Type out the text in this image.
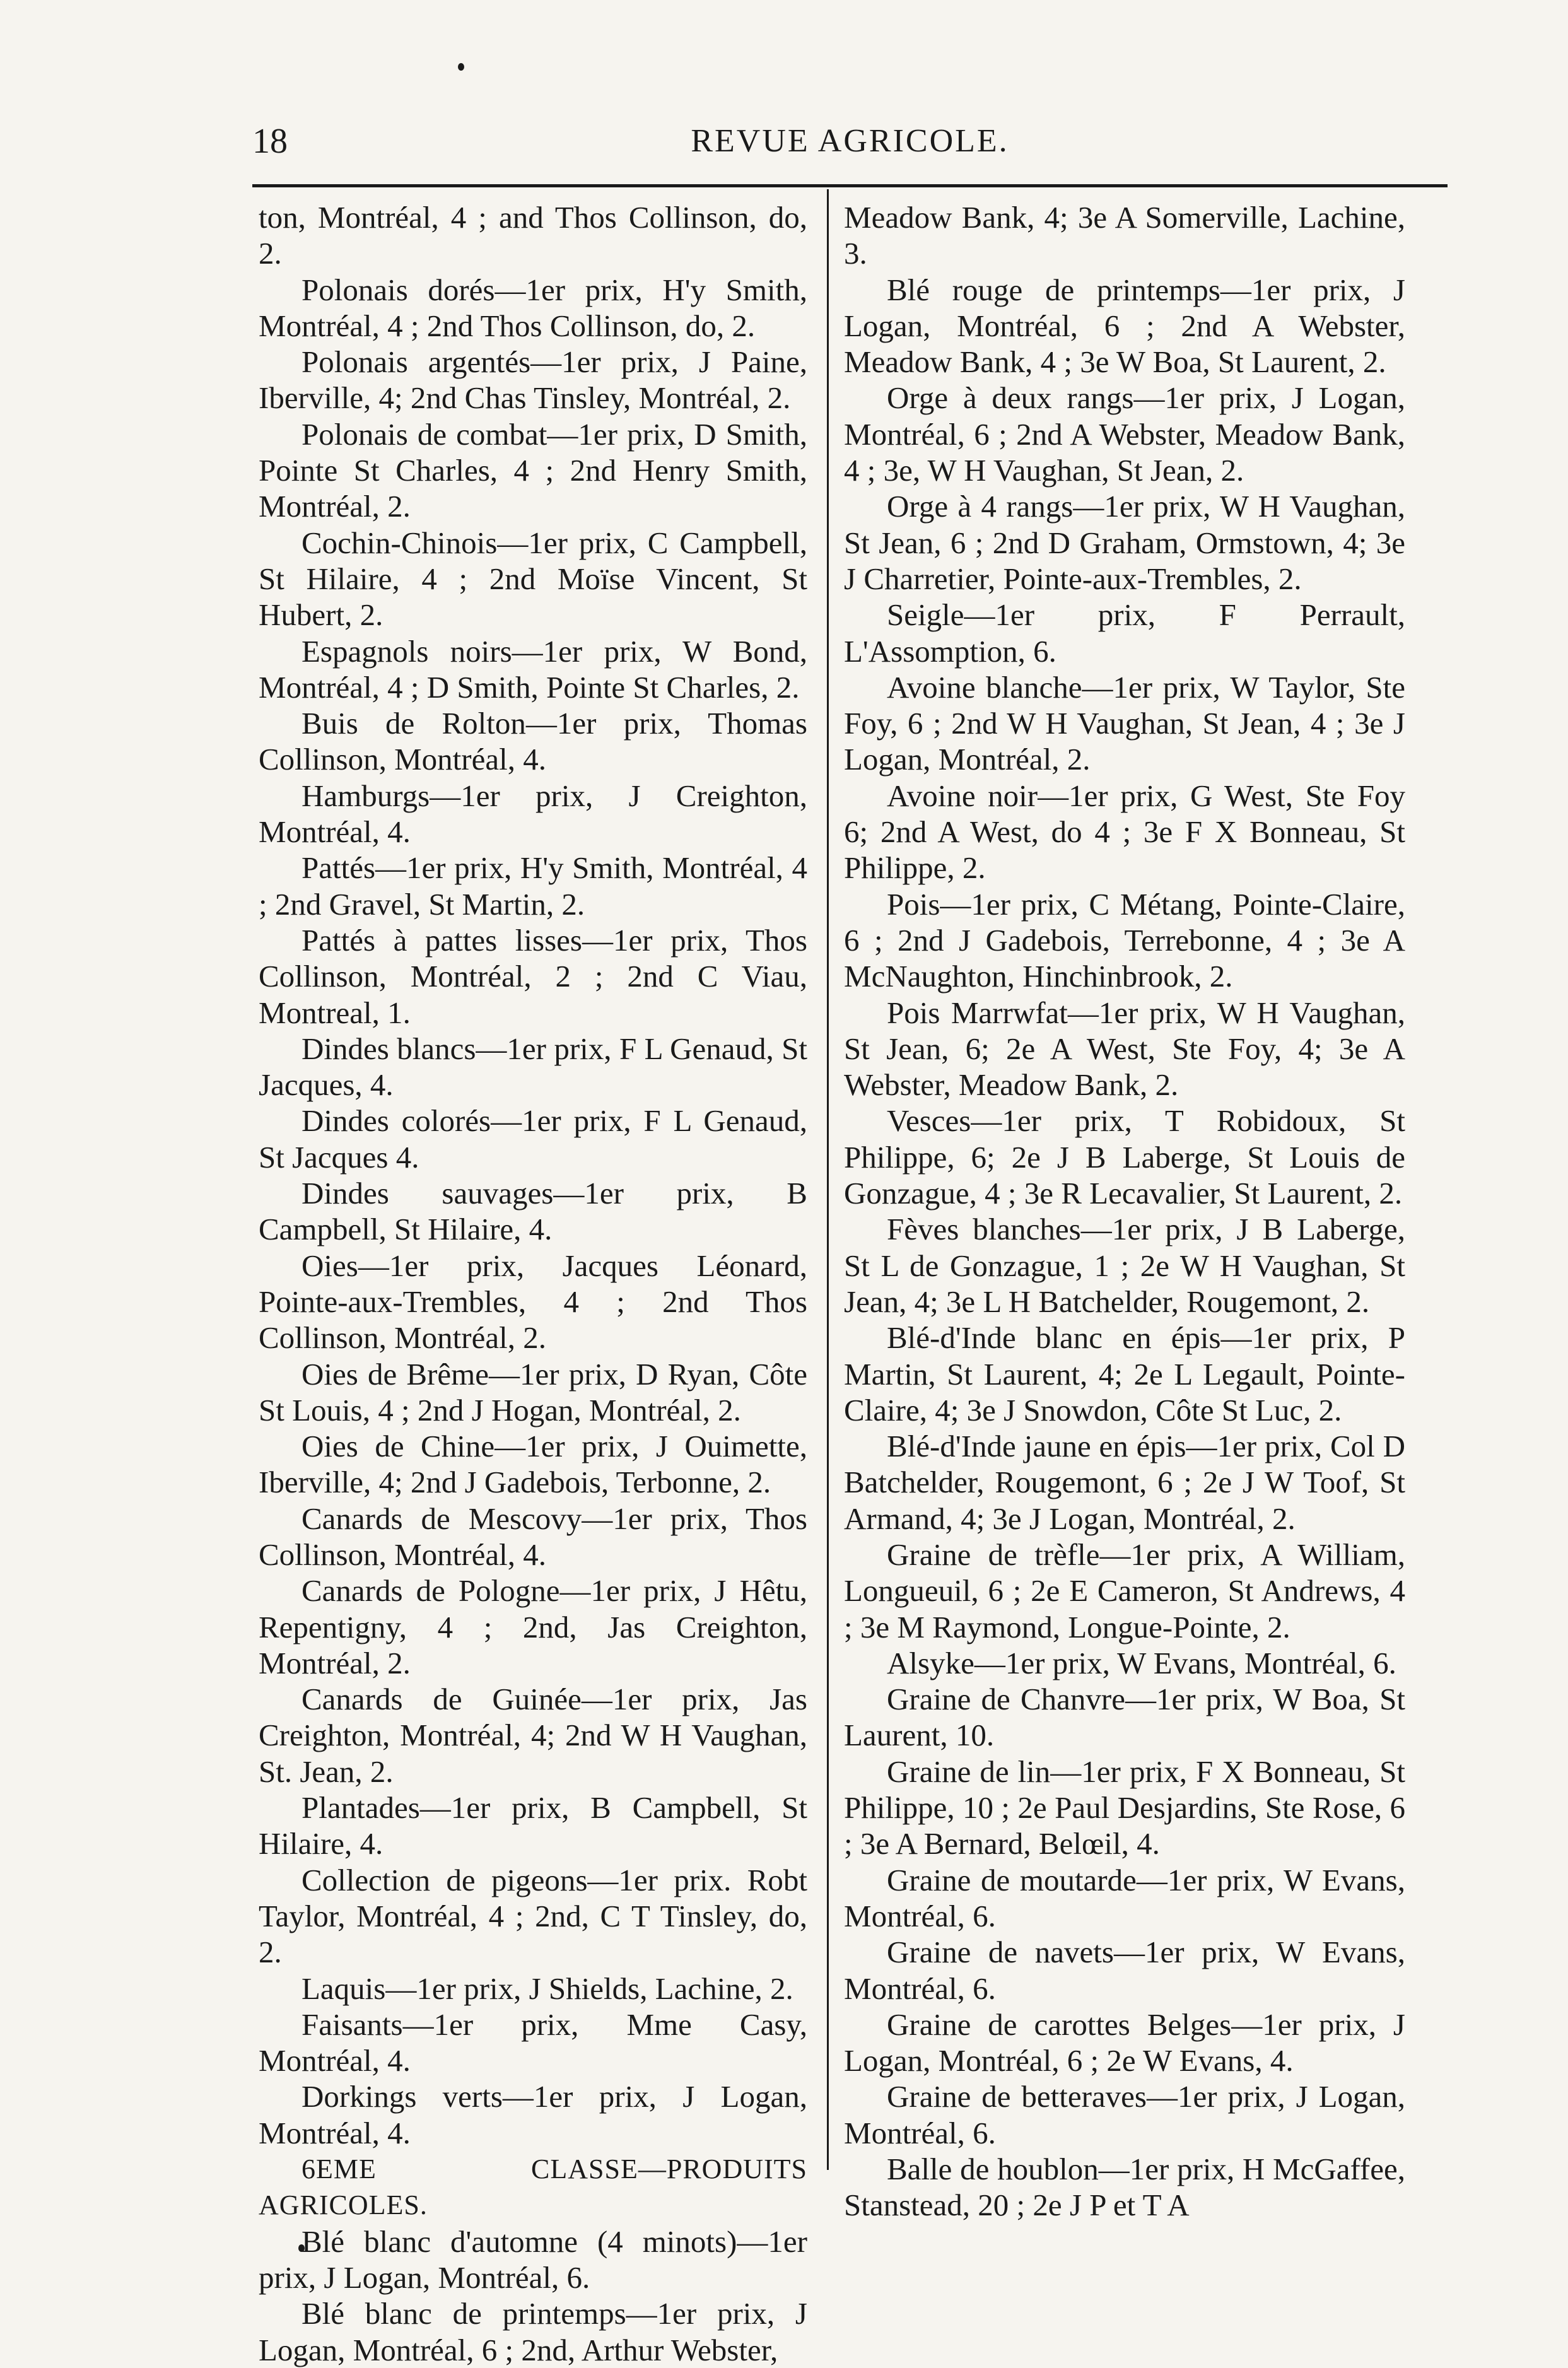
18	REVUE AGRICOLE.

ton, Montréal, 4 ; and Thos Collinson, do, 2.

Polonais dorés—1er prix, H'y Smith, Montréal, 4 ; 2nd Thos Collinson, do, 2.

Polonais argentés—1er prix, J Paine, Iberville, 4; 2nd Chas Tinsley, Montréal, 2.

Polonais de combat—1er prix, D Smith, Pointe St Charles, 4 ; 2nd Henry Smith, Montréal, 2.

Cochin-Chinois—1er prix, C Campbell, St Hilaire, 4 ; 2nd Moïse Vincent, St Hubert, 2.

Espagnols noirs—1er prix, W Bond, Montréal, 4 ; D Smith, Pointe St Charles, 2.

Buis de Rolton—1er prix, Thomas Collinson, Montréal, 4.

Hamburgs—1er prix, J Creighton, Montréal, 4.

Pattés—1er prix, H'y Smith, Montréal, 4 ; 2nd Gravel, St Martin, 2.

Pattés à pattes lisses—1er prix, Thos Collinson, Montréal, 2 ; 2nd C Viau, Montreal, 1.

Dindes blancs—1er prix, F L Genaud, St Jacques, 4.

Dindes colorés—1er prix, F L Genaud, St Jacques 4.

Dindes sauvages—1er prix, B Campbell, St Hilaire, 4.

Oies—1er prix, Jacques Léonard, Pointe-aux-Trembles, 4 ; 2nd Thos Collinson, Montréal, 2.

Oies de Brême—1er prix, D Ryan, Côte St Louis, 4 ; 2nd J Hogan, Montréal, 2.

Oies de Chine—1er prix, J Ouimette, Iberville, 4; 2nd J Gadebois, Terbonne, 2.

Canards de Mescovy—1er prix, Thos Collinson, Montréal, 4.

Canards de Pologne—1er prix, J Hêtu, Repentigny, 4 ; 2nd, Jas Creighton, Montréal, 2.

Canards de Guinée—1er prix, Jas Creighton, Montréal, 4; 2nd W H Vaughan, St. Jean, 2.

Plantades—1er prix, B Campbell, St Hilaire, 4.

Collection de pigeons—1er prix. Robt Taylor, Montréal, 4 ; 2nd, C T Tinsley, do, 2.

Laquis—1er prix, J Shields, Lachine, 2.

Faisants—1er prix, Mme Casy, Montréal, 4.

Dorkings verts—1er prix, J Logan, Montréal, 4.

6EME CLASSE—PRODUITS AGRICOLES.

Blé blanc d'automne (4 minots)—1er prix, J Logan, Montréal, 6.

Blé blanc de printemps—1er prix, J Logan, Montréal, 6 ; 2nd, Arthur Webster,

Meadow Bank, 4; 3e A Somerville, Lachine, 3.

Blé rouge de printemps—1er prix, J Logan, Montréal, 6 ; 2nd A Webster, Meadow Bank, 4 ; 3e W Boa, St Laurent, 2.

Orge à deux rangs—1er prix, J Logan, Montréal, 6 ; 2nd A Webster, Meadow Bank, 4 ; 3e, W H Vaughan, St Jean, 2.

Orge à 4 rangs—1er prix, W H Vaughan, St Jean, 6 ; 2nd D Graham, Ormstown, 4; 3e J Charretier, Pointe-aux-Trembles, 2.

Seigle—1er prix, F Perrault, L'Assomption, 6.

Avoine blanche—1er prix, W Taylor, Ste Foy, 6 ; 2nd W H Vaughan, St Jean, 4 ; 3e J Logan, Montréal, 2.

Avoine noir—1er prix, G West, Ste Foy 6; 2nd A West, do 4 ; 3e F X Bonneau, St Philippe, 2.

Pois—1er prix, C Métang, Pointe-Claire, 6 ; 2nd J Gadebois, Terrebonne, 4 ; 3e A McNaughton, Hinchinbrook, 2.

Pois Marrwfat—1er prix, W H Vaughan, St Jean, 6; 2e A West, Ste Foy, 4; 3e A Webster, Meadow Bank, 2.

Vesces—1er prix, T Robidoux, St Philippe, 6; 2e J B Laberge, St Louis de Gonzague, 4 ; 3e R Lecavalier, St Laurent, 2.

Fèves blanches—1er prix, J B Laberge, St L de Gonzague, 1 ; 2e W H Vaughan, St Jean, 4; 3e L H Batchelder, Rougemont, 2.

Blé-d'Inde blanc en épis—1er prix, P Martin, St Laurent, 4; 2e L Legault, Pointe-Claire, 4; 3e J Snowdon, Côte St Luc, 2.

Blé-d'Inde jaune en épis—1er prix, Col D Batchelder, Rougemont, 6 ; 2e J W Toof, St Armand, 4; 3e J Logan, Montréal, 2.

Graine de trèfle—1er prix, A William, Longueuil, 6 ; 2e E Cameron, St Andrews, 4 ; 3e M Raymond, Longue-Pointe, 2.

Alsyke—1er prix, W Evans, Montréal, 6.

Graine de Chanvre—1er prix, W Boa, St Laurent, 10.

Graine de lin—1er prix, F X Bonneau, St Philippe, 10 ; 2e Paul Desjardins, Ste Rose, 6 ; 3e A Bernard, Belœil, 4.

Graine de moutarde—1er prix, W Evans, Montréal, 6.

Graine de navets—1er prix, W Evans, Montréal, 6.

Graine de carottes Belges—1er prix, J Logan, Montréal, 6 ; 2e W Evans, 4.

Graine de betteraves—1er prix, J Logan, Montréal, 6.

Balle de houblon—1er prix, H McGaffee, Stanstead, 20 ; 2e J P et T A
